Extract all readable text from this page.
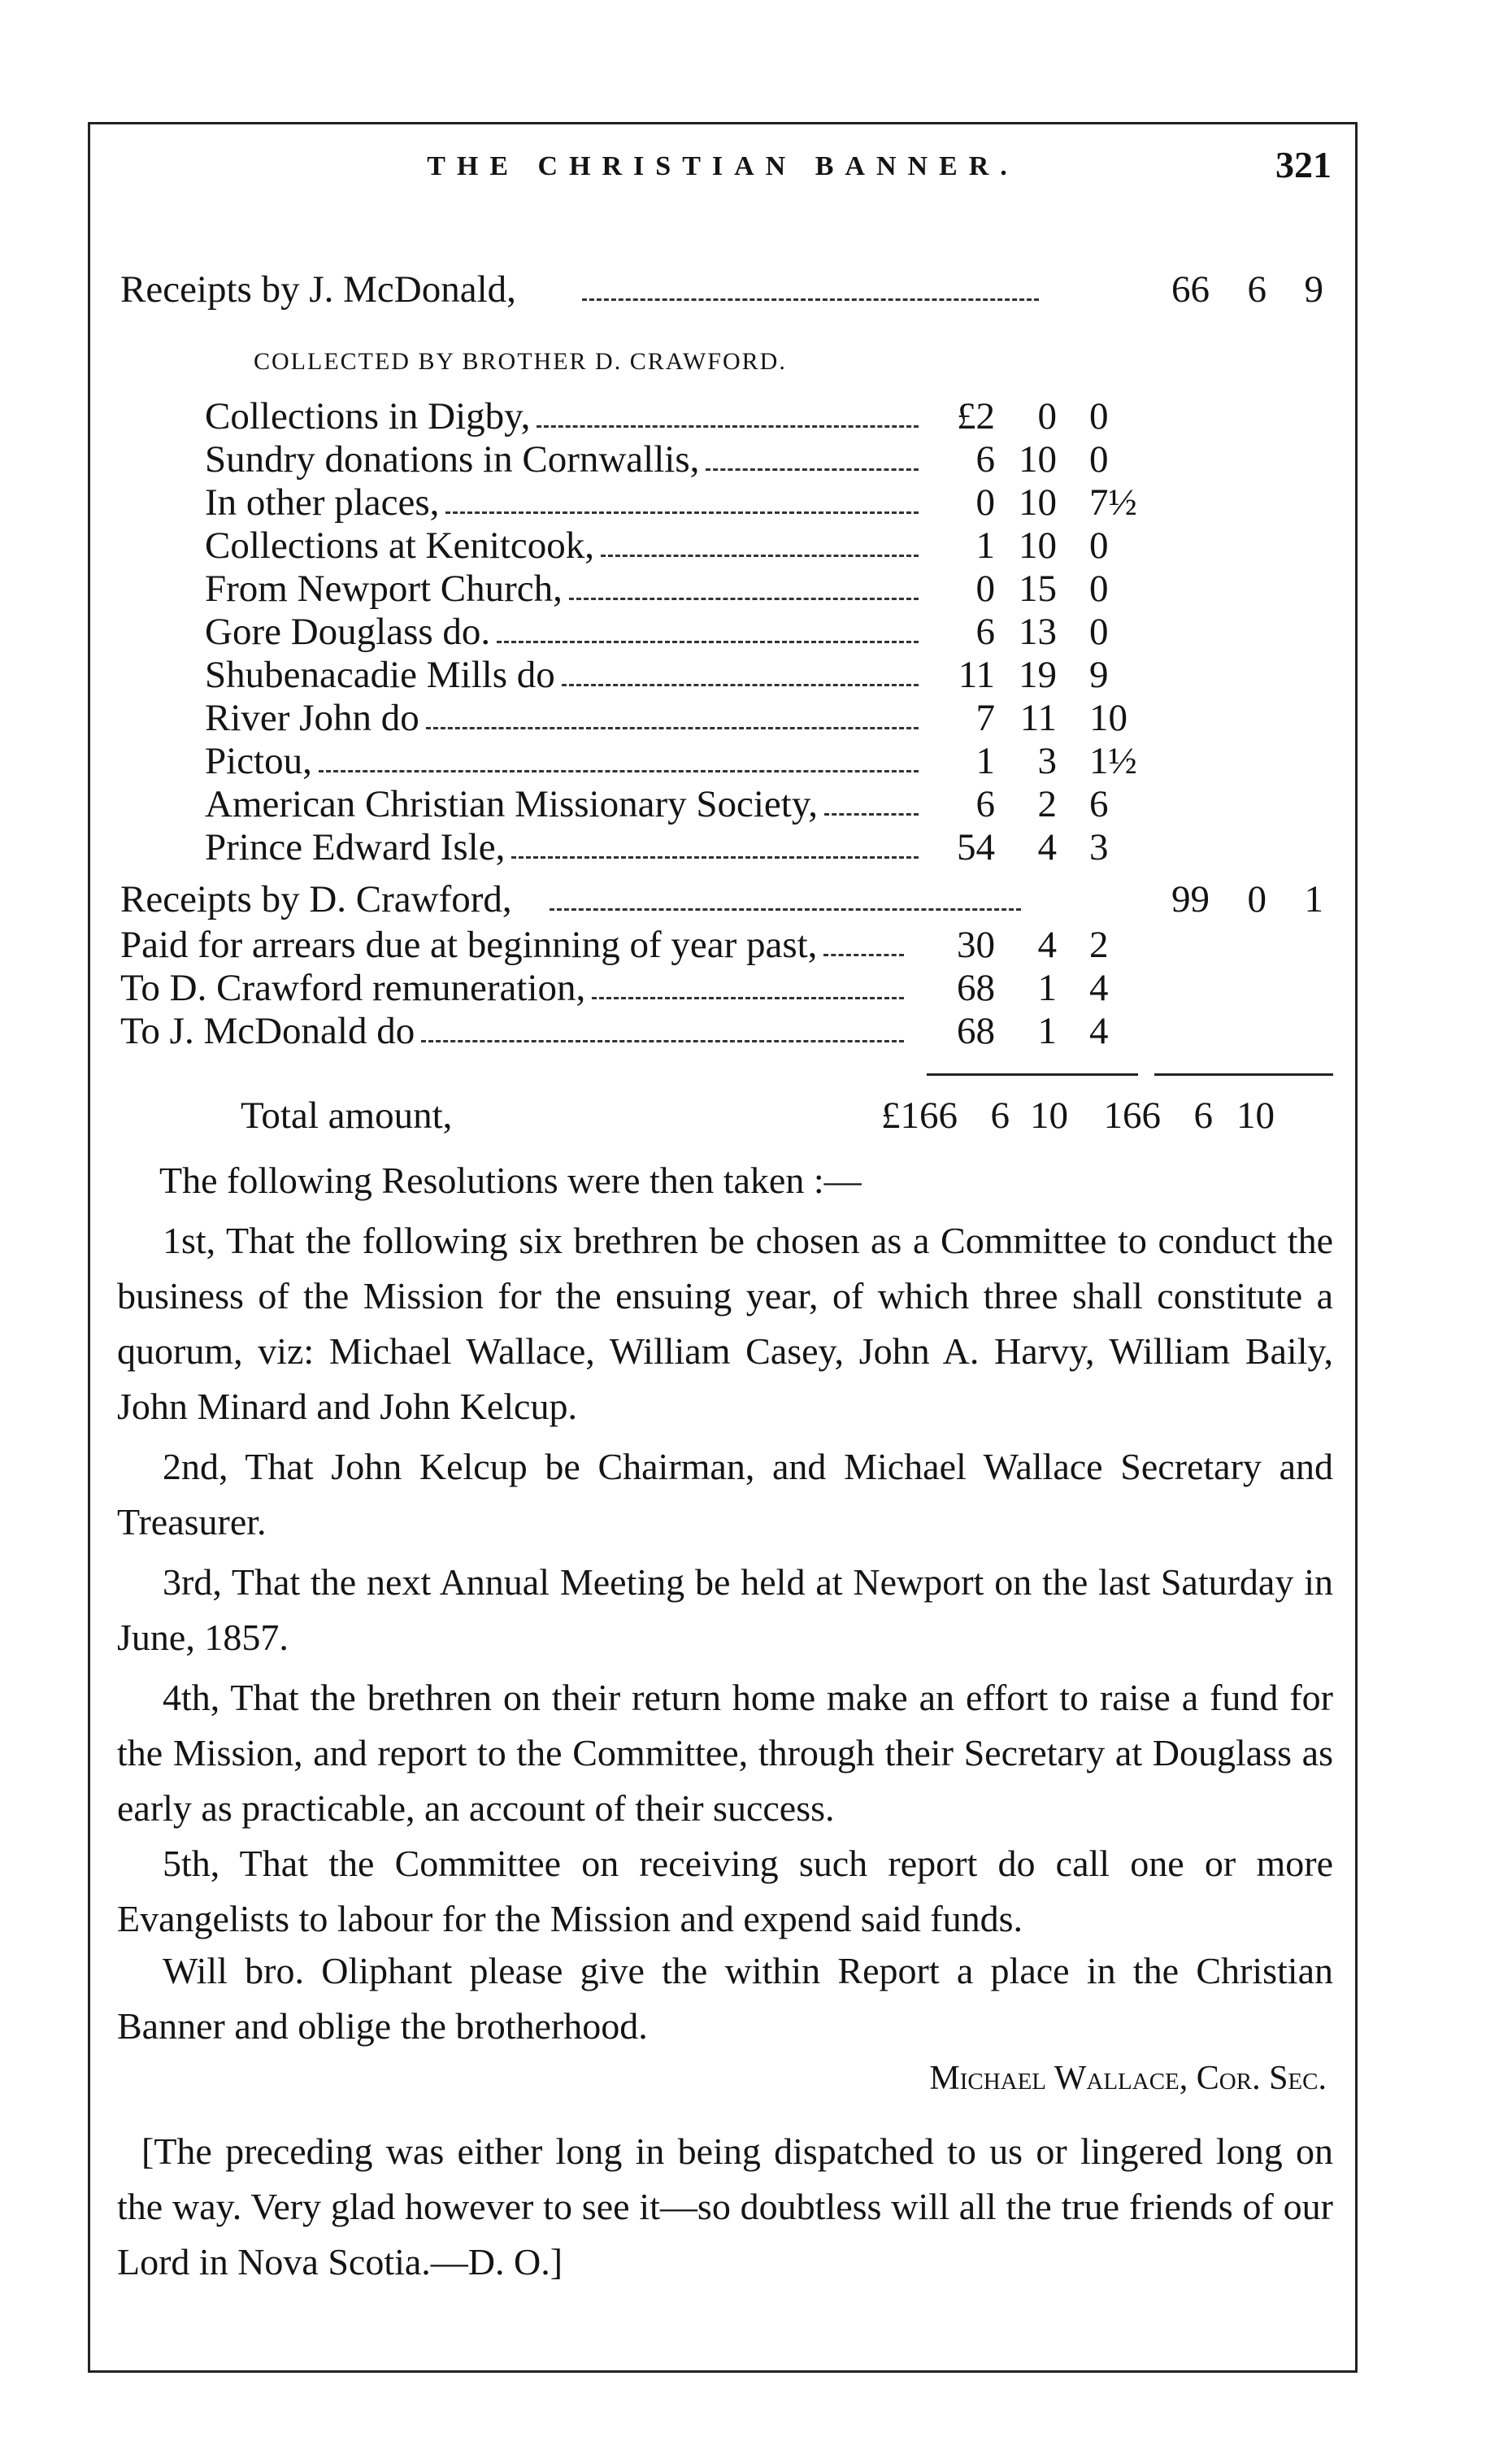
THE CHRISTIAN BANNER.	321
Receipts by J. McDonald,	66 6 9
COLLECTED BY BROTHER D. CRAWFORD.
Collections in Digby,	£2	0 0
Sundry donations in Cornwallis,	6 10 0
In other places,	0 10 7½
Collections at Kenitcook,	1 10 0
From Newport Church,	0 15 0
Gore Douglass do.	6 13 0
Shubenacadie Mills do	11 19 9
River John do	7 11 10
Pictou,	1	3 1½
American Christian Missionary Society,	6	2 6
Prince Edward Isle,	54	4 3
Receipts by D. Crawford,	99 0 1
Paid for arrears due at beginning of year past,	30	4 2
To D. Crawford remuneration,	68	1 4
To J. McDonald do	68	1 4
Total amount,	£166 6 10 166 6 10
The following Resolutions were then taken :—
1st, That the following six brethren be chosen as a Committee to conduct the business of the Mission for the ensuing year, of which three shall constitute a quorum, viz: Michael Wallace, William Casey, John A. Harvy, William Baily, John Minard and John Kelcup.
2nd, That John Kelcup be Chairman, and Michael Wallace Secretary and Treasurer.
3rd, That the next Annual Meeting be held at Newport on the last Saturday in June, 1857.
4th, That the brethren on their return home make an effort to raise a fund for the Mission, and report to the Committee, through their Secretary at Douglass as early as practicable, an account of their success.
5th, That the Committee on receiving such report do call one or more Evangelists to labour for the Mission and expend said funds.
Will bro. Oliphant please give the within Report a place in the Christian Banner and oblige the brotherhood.
Michael Wallace, Cor. Sec.
[The preceding was either long in being dispatched to us or lingered long on the way. Very glad however to see it—so doubtless will all the true friends of our Lord in Nova Scotia.—D. O.]
